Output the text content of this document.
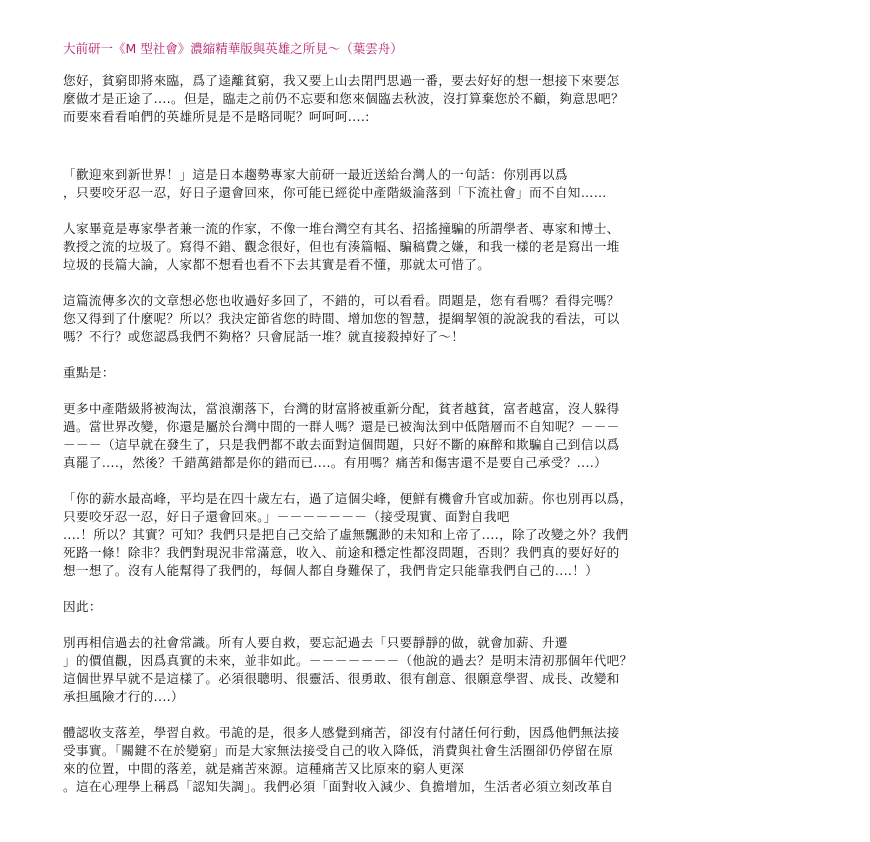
大前研一《M 型社會》濃縮精華版與英雄之所見～（葉雲舟）
您好，貧窮即將來臨，爲了逵離貧窮，我又要上山去閉門思過一番，要去好好的想一想接下來要怎
麼做才是正途了....。但是，臨走之前仍不忘要和您來個臨去秋波，沒打算棄您於不顧，夠意思吧？
而要來看看咱們的英雄所見是不是略同呢？呵呵呵....:
「歡迎來到新世界！」這是日本趨勢專家大前研一最近送給台灣人的一句話：你別再以爲
，只要咬牙忍一忍，好日子還會回來，你可能已經從中產階級淪落到「下流社會」而不自知……
人家畢竟是專家學者兼一流的作家，不像一堆台灣空有其名、招搖撞騙的所謂學者、專家和博士、
教授之流的垃圾了。寫得不錯、觀念很好，但也有湊篇幅、騙稿費之嫌，和我一樣的老是寫出一堆
垃圾的長篇大論，人家都不想看也看不下去其實是看不懂，那就太可惜了。
這篇流傳多次的文章想必您也收過好多回了，不錯的，可以看看。問題是，您有看嗎？看得完嗎？
您又得到了什麼呢？所以？我決定節省您的時間、增加您的智慧，提綱挈領的說說我的看法，可以
嗎？不行？或您認爲我們不夠格？只會屁話一堆？就直接殺掉好了～！
重點是：
更多中產階級將被淘汰，當浪潮落下，台灣的財富將被重新分配，貧者越貧，富者越富，沒人躲得
過。當世界改變，你還是屬於台灣中間的一群人嗎？還是已被淘汰到中低階層而不自知呢？－－－
－－－（這早就在發生了，只是我們都不敢去面對這個問題，只好不斷的麻醉和欺騙自己到信以爲
真罷了....，然後？千錯萬錯都是你的錯而已....。有用嗎？痛苦和傷害還不是要自己承受？....）
「你的薪水最高峰，平均是在四十歲左右，過了這個尖峰，便鮮有機會升官或加薪。你也別再以爲，
只要咬牙忍一忍，好日子還會回來。」－－－－－－－（接受現實、面對自我吧
....！所以？其實？可知？我們只是把自己交給了虛無飄渺的未知和上帝了....，除了改變之外？我們
死路一條！除非？我們對現況非常滿意，收入、前途和穩定性都沒問題，否則？我們真的要好好的
想一想了。沒有人能幫得了我們的，每個人都自身難保了，我們肯定只能靠我們自己的....！）
因此：
別再相信過去的社會常識。所有人要自救，要忘記過去「只要靜靜的做，就會加薪、升遷
」的價值觀，因爲真實的未來，並非如此。－－－－－－－（他說的過去？是明末清初那個年代吧？
這個世界早就不是這樣了。必須很聰明、很靈活、很勇敢、很有創意、很願意學習、成長、改變和
承担風險才行的....）
體認收支落差，學習自救。弔詭的是，很多人感覺到痛苦，卻沒有付諸任何行動，因爲他們無法接
受事實。「關鍵不在於變窮」而是大家無法接受自己的收入降低，消費與社會生活圈卻仍停留在原
來的位置，中間的落差，就是痛苦來源。這種痛苦又比原來的窮人更深
。這在心理學上稱爲「認知失調」。我們必須「面對收入減少、負擔增加，生活者必須立刻改革自
